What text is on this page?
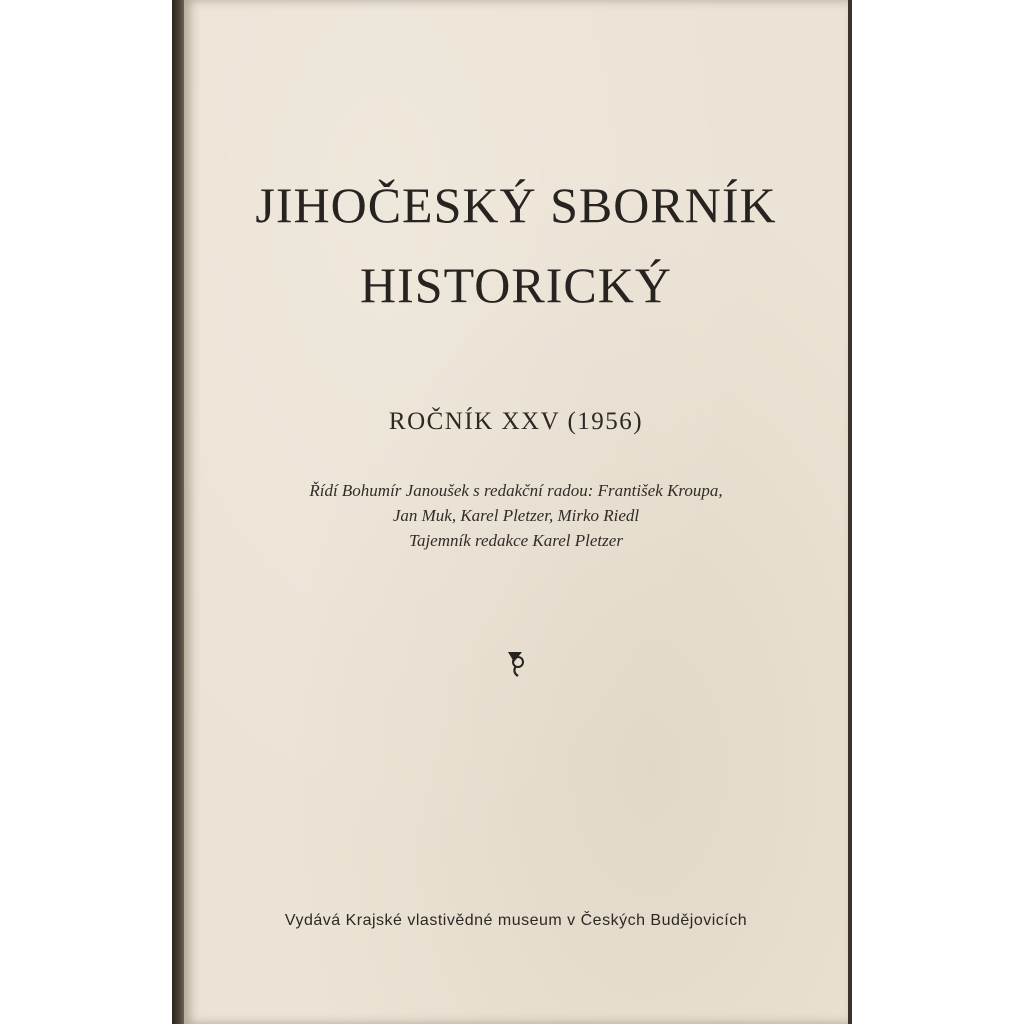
JIHOČESKÝ SBORNÍK
HISTORICKÝ
ROČNÍK XXV (1956)
Řídí Bohumír Janoušek s redakční radou: František Kroupa,
Jan Muk, Karel Pletzer, Mirko Riedl
Tajemník redakce Karel Pletzer
Vydává Krajské vlastivědné museum v Českých Budějovicích
